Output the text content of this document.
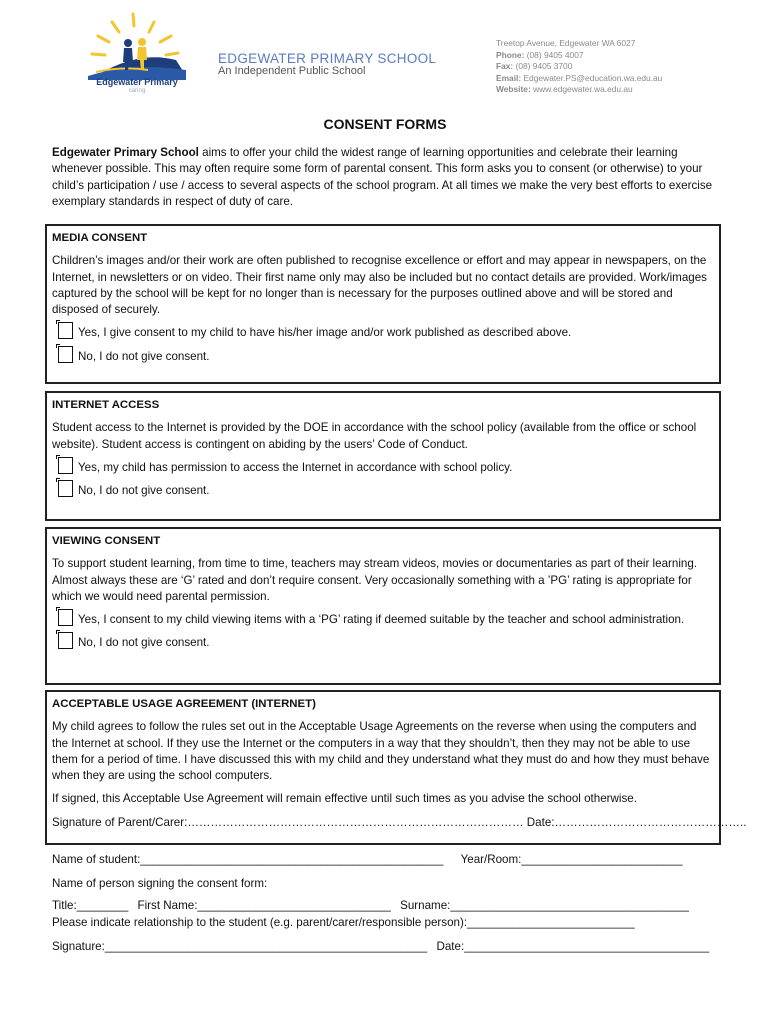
Edgewater Primary
caring
EDGEWATER PRIMARY SCHOOL
An Independent Public School
Treetop Avenue, Edgewater WA 6027
Phone: (08) 9405 4007
Fax: (08) 9405 3700
Email: Edgewater.PS@education.wa.edu.au
Website: www.edgewater.wa.edu.au
CONSENT FORMS
Edgewater Primary School aims to offer your child the widest range of learning opportunities and celebrate their learning whenever possible. This may often require some form of parental consent. This form asks you to consent (or otherwise) to your child’s participation / use / access to several aspects of the school program. At all times we make the very best efforts to exercise exemplary standards in respect of duty of care.
MEDIA CONSENT

Children’s images and/or their work are often published to recognise excellence or effort and may appear in newspapers, on the Internet, in newsletters or on video. Their first name only may also be included but no contact details are provided. Work/images captured by the school will be kept for no longer than is necessary for the purposes outlined above and will be stored and disposed of securely.

Yes, I give consent to my child to have his/her image and/or work published as described above.
No, I do not give consent.
INTERNET ACCESS

Student access to the Internet is provided by the DOE in accordance with the school policy (available from the office or school website). Student access is contingent on abiding by the users’ Code of Conduct.

Yes, my child has permission to access the Internet in accordance with school policy.
No, I do not give consent.
VIEWING CONSENT

To support student learning, from time to time, teachers may stream videos, movies or documentaries as part of their learning. Almost always these are ‘G’ rated and don’t require consent. Very occasionally something with a ’PG’ rating is appropriate for which we would need parental permission.

Yes, I consent to my child viewing items with a ‘PG’ rating if deemed suitable by the teacher and school administration.
No, I do not give consent.
ACCEPTABLE USAGE AGREEMENT (INTERNET)

My child agrees to follow the rules set out in the Acceptable Usage Agreements on the reverse when using the computers and the Internet at school. If they use the Internet or the computers in a way that they shouldn’t, then they may not be able to use them for a period of time. I have discussed this with my child and they understand what they must do and how they must behave when they are using the school computers.

If signed, this Acceptable Use Agreement will remain effective until such times as you advise the school otherwise.

Signature of Parent/Carer:…………………………………………………………………………… Date:…………………………………………..

Name of student:_______________________________________________ Year/Room:_________________________
Name of person signing the consent form:
Title:________ First Name:______________________________ Surname:_____________________________________
Please indicate relationship to the student (e.g. parent/carer/responsible person):__________________________
Signature:__________________________________________________ Date:______________________________________
